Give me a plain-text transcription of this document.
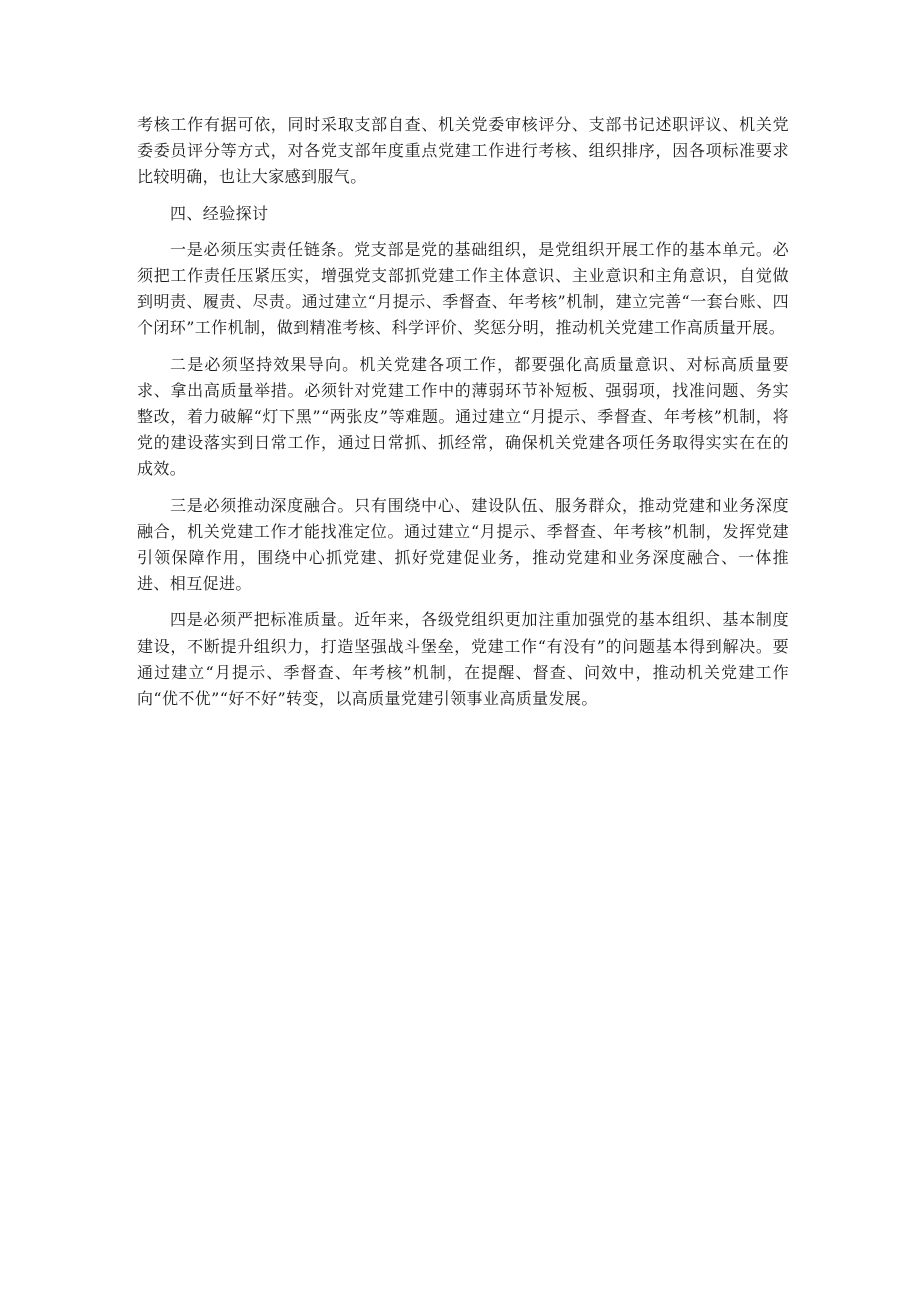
考核工作有据可依，同时采取支部自查、机关党委审核评分、支部书记述职评议、机关党委委员评分等方式，对各党支部年度重点党建工作进行考核、组织排序，因各项标准要求比较明确，也让大家感到服气。

四、经验探讨

一是必须压实责任链条。党支部是党的基础组织，是党组织开展工作的基本单元。必须把工作责任压紧压实，增强党支部抓党建工作主体意识、主业意识和主角意识，自觉做到明责、履责、尽责。通过建立“月提示、季督查、年考核”机制，建立完善“一套台账、四个闭环”工作机制，做到精准考核、科学评价、奖惩分明，推动机关党建工作高质量开展。

二是必须坚持效果导向。机关党建各项工作，都要强化高质量意识、对标高质量要求、拿出高质量举措。必须针对党建工作中的薄弱环节补短板、强弱项，找准问题、务实整改，着力破解“灯下黑”“两张皮”等难题。通过建立“月提示、季督查、年考核”机制，将党的建设落实到日常工作，通过日常抓、抓经常，确保机关党建各项任务取得实实在在的成效。

三是必须推动深度融合。只有围绕中心、建设队伍、服务群众，推动党建和业务深度融合，机关党建工作才能找准定位。通过建立“月提示、季督查、年考核”机制，发挥党建引领保障作用，围绕中心抓党建、抓好党建促业务，推动党建和业务深度融合、一体推进、相互促进。

四是必须严把标准质量。近年来，各级党组织更加注重加强党的基本组织、基本制度建设，不断提升组织力，打造坚强战斗堡垒，党建工作“有没有”的问题基本得到解决。要通过建立“月提示、季督查、年考核”机制，在提醒、督查、问效中，推动机关党建工作向“优不优”“好不好”转变，以高质量党建引领事业高质量发展。
